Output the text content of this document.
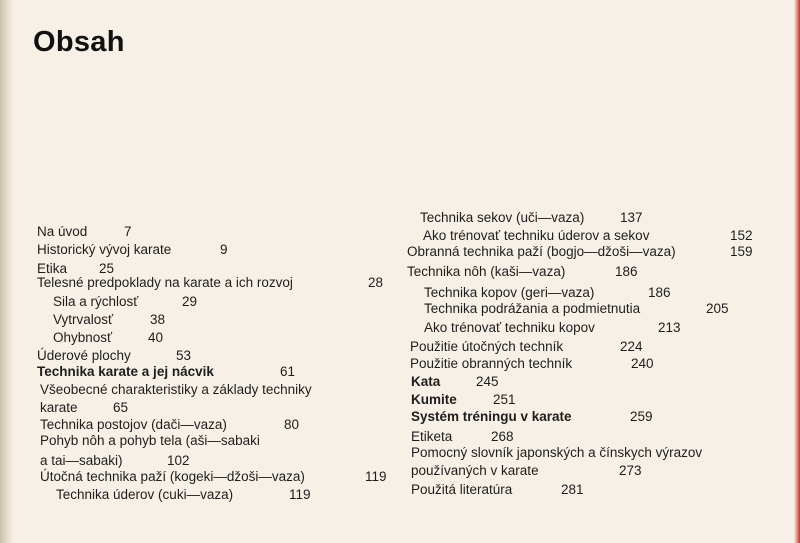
Obsah
Na úvod	7
Historický vývoj karate	9
Etika 25
Telesné predpoklady na karate a ich rozvoj	28
Sila a rýchlosť	29
Vytrvalosť	38
Ohybnosť	40
Úderové plochy	53
Technika karate a jej nácvik	61
Všeobecné charakteristiky a základy techniky
karate	65
Technika postojov (dači—vaza)	80
Pohyb nôh a pohyb tela (aši—sabaki
a tai—sabaki)	102
Útočná technika paží (kogeki—džoši—vaza)	119
Technika úderov (cuki—vaza)	119
Technika sekov (uči—vaza)	137
Ako trénovať techniku úderov a sekov	152
Obranná technika paží (bogjo—džoši—vaza)	159
Technika nôh (kaši—vaza)	186
Technika kopov (geri—vaza)	186
Technika podrážania a podmietnutia	205
Ako trénovať techniku kopov	213
Použitie útočných techník	224
Použitie obranných techník	240
Kata	245
Kumite	251
Systém tréningu v karate	259
Etiketa	268
Pomocný slovník japonských a čínskych výrazov
používaných v karate	273
Použitá literatúra	281
